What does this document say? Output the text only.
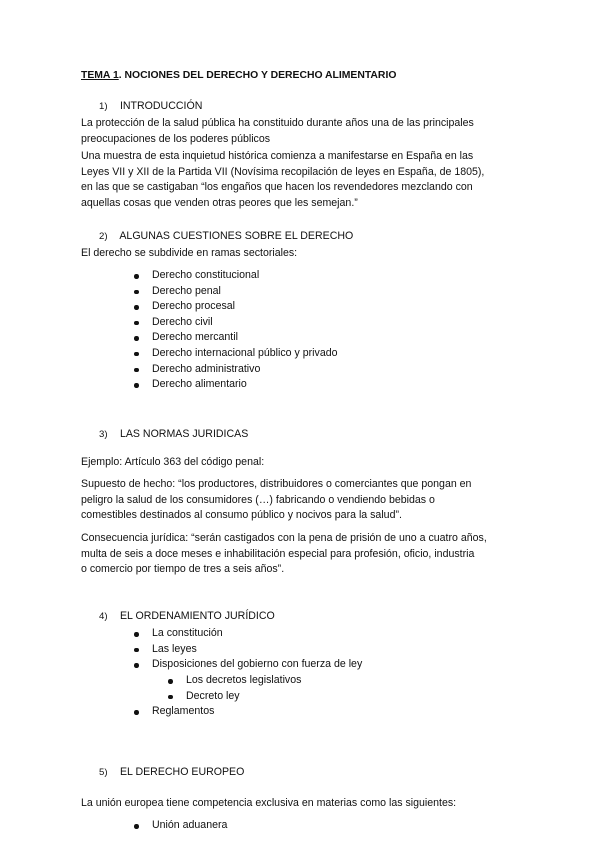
TEMA 1. NOCIONES DEL DERECHO Y DERECHO ALIMENTARIO
1) INTRODUCCIÓN
La protección de la salud pública ha constituido durante años una de las principales
preocupaciones de los poderes públicos
Una muestra de esta inquietud histórica comienza a manifestarse en España en las
Leyes VII y XII de la Partida VII (Novísima recopilación de leyes en España, de 1805),
en las que se castigaban “los engaños que hacen los revendedores mezclando con
aquellas cosas que venden otras peores que les semejan.”
2) ALGUNAS CUESTIONES SOBRE EL DERECHO
El derecho se subdivide en ramas sectoriales:
Derecho constitucional
Derecho penal
Derecho procesal
Derecho civil
Derecho mercantil
Derecho internacional público y privado
Derecho administrativo
Derecho alimentario
3) LAS NORMAS JURIDICAS
Ejemplo: Artículo 363 del código penal:
Supuesto de hecho: “los productores, distribuidores o comerciantes que pongan en
peligro la salud de los consumidores (…) fabricando o vendiendo bebidas o
comestibles destinados al consumo público y nocivos para la salud”.
Consecuencia jurídica: “serán castigados con la pena de prisión de uno a cuatro años,
multa de seis a doce meses e inhabilitación especial para profesión, oficio, industria
o comercio por tiempo de tres a seis años”.
4) EL ORDENAMIENTO JURÍDICO
La constitución
Las leyes
Disposiciones del gobierno con fuerza de ley
Los decretos legislativos
Decreto ley
Reglamentos
5) EL DERECHO EUROPEO
La unión europea tiene competencia exclusiva en materias como las siguientes:
Unión aduanera
